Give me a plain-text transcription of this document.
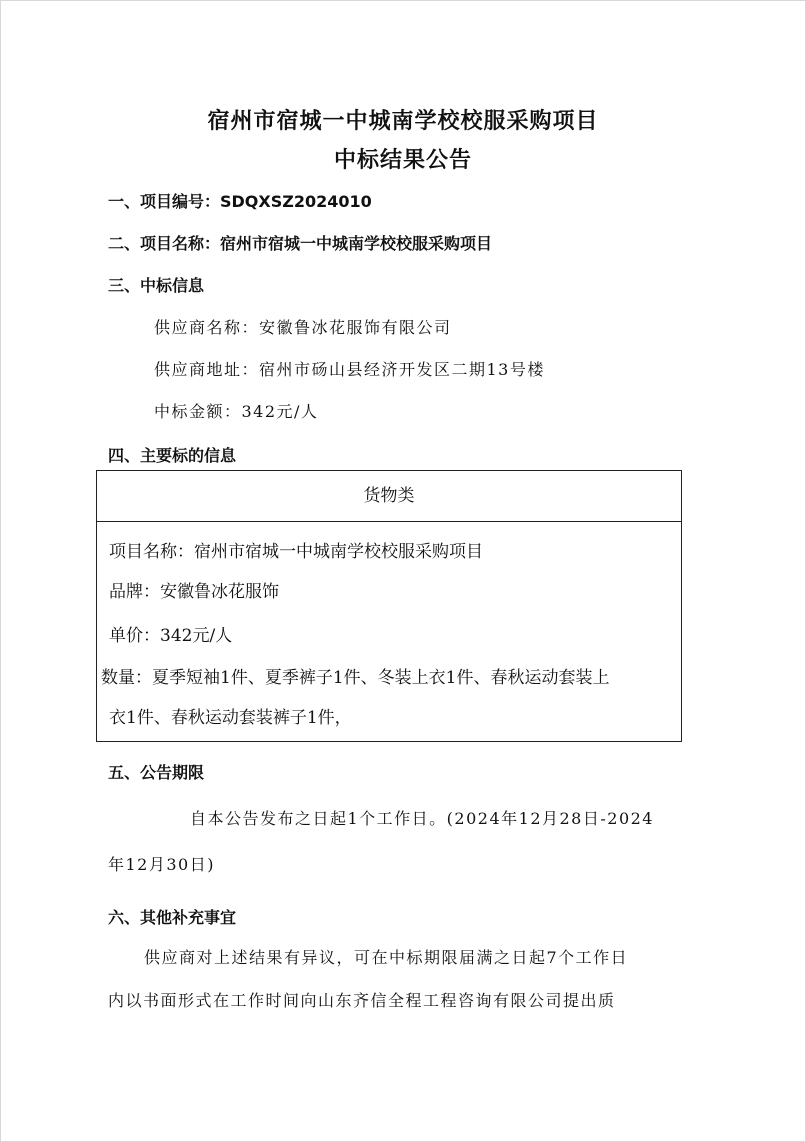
宿州市宿城一中城南学校校服采购项目
中标结果公告
一、项目编号：SDQXSZ2024010
二、项目名称：宿州市宿城一中城南学校校服采购项目
三、中标信息
供应商名称：安徽鲁冰花服饰有限公司
供应商地址：宿州市砀山县经济开发区二期13号楼
中标金额：342元/人
四、主要标的信息
货物类
项目名称：宿州市宿城一中城南学校校服采购项目
品牌：安徽鲁冰花服饰
单价：342元/人
数量：夏季短袖1件、夏季裤子1件、冬装上衣1件、春秋运动套装上
衣1件、春秋运动套装裤子1件，
五、公告期限
自本公告发布之日起1个工作日。(2024年12月28日-2024
年12月30日)
六、其他补充事宜
供应商对上述结果有异议，可在中标期限届满之日起7个工作日
内以书面形式在工作时间向山东齐信全程工程咨询有限公司提出质
